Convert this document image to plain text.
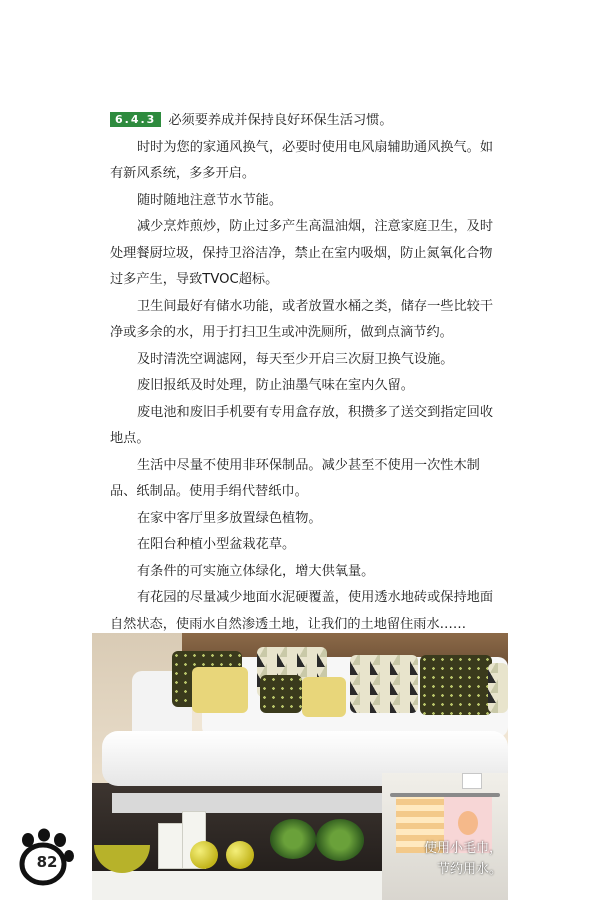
6.4.3 必须要养成并保持良好环保生活习惯。

时时为您的家通风换气，必要时使用电风扇辅助通风换气。如有新风系统，多多开启。

随时随地注意节水节能。

减少烹炸煎炒，防止过多产生高温油烟，注意家庭卫生，及时处理餐厨垃圾，保持卫浴洁净，禁止在室内吸烟，防止氮氧化合物过多产生，导致TVOC超标。

卫生间最好有储水功能，或者放置水桶之类，储存一些比较干净或多余的水，用于打扫卫生或冲洗厕所，做到点滴节约。

及时清洗空调滤网，每天至少开启三次厨卫换气设施。

废旧报纸及时处理，防止油墨气味在室内久留。

废电池和废旧手机要有专用盒存放，积攒多了送交到指定回收地点。

生活中尽量不使用非环保制品。减少甚至不使用一次性木制品、纸制品。使用手绢代替纸巾。

在家中客厅里多放置绿色植物。

在阳台种植小型盆栽花草。

有条件的可实施立体绿化，增大供氧量。

有花园的尽量减少地面水泥硬覆盖，使用透水地砖或保持地面自然状态，使雨水自然渗透土地，让我们的土地留住雨水……

使用小毛巾，
节约用水。
82
